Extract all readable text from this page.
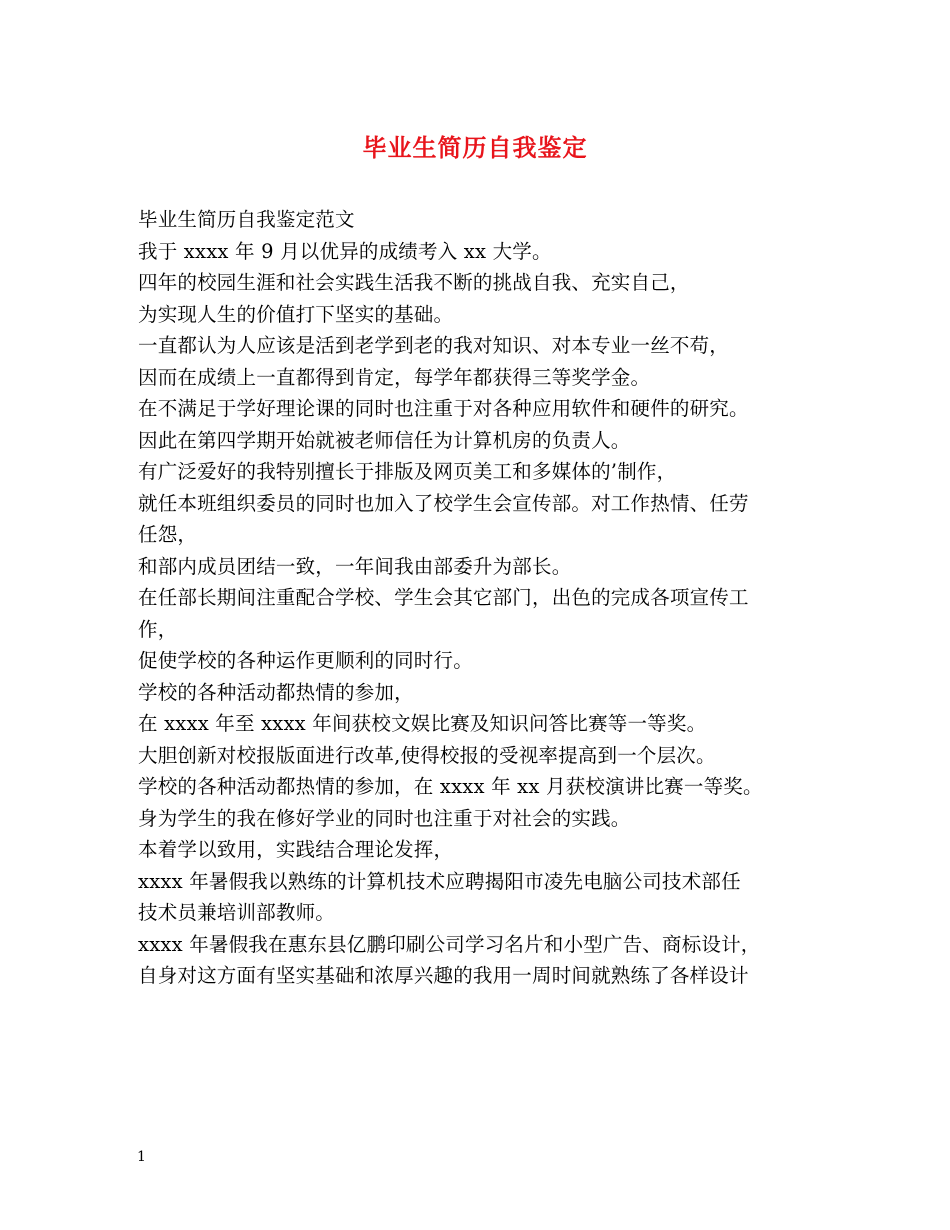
毕业生简历自我鉴定
毕业生简历自我鉴定范文
我于 xxxx 年 9 月以优异的成绩考入 xx 大学。
四年的校园生涯和社会实践生活我不断的挑战自我、充实自己，
为实现人生的价值打下坚实的基础。
一直都认为人应该是活到老学到老的我对知识、对本专业一丝不苟，
因而在成绩上一直都得到肯定，每学年都获得三等奖学金。
在不满足于学好理论课的同时也注重于对各种应用软件和硬件的研究。
因此在第四学期开始就被老师信任为计算机房的负责人。
有广泛爱好的我特别擅长于排版及网页美工和多媒体的’制作，
就任本班组织委员的同时也加入了校学生会宣传部。对工作热情、任劳
任怨，
和部内成员团结一致，一年间我由部委升为部长。
在任部长期间注重配合学校、学生会其它部门，出色的完成各项宣传工
作，
促使学校的各种运作更顺利的同时行。
学校的各种活动都热情的参加，
在 xxxx 年至 xxxx 年间获校文娱比赛及知识问答比赛等一等奖。
大胆创新对校报版面进行改革,使得校报的受视率提高到一个层次。
学校的各种活动都热情的参加，在 xxxx 年 xx 月获校演讲比赛一等奖。
身为学生的我在修好学业的同时也注重于对社会的实践。
本着学以致用，实践结合理论发挥，
xxxx 年暑假我以熟练的计算机技术应聘揭阳市凌先电脑公司技术部任
技术员兼培训部教师。
xxxx 年暑假我在惠东县亿鹏印刷公司学习名片和小型广告、商标设计，
自身对这方面有坚实基础和浓厚兴趣的我用一周时间就熟练了各样设计
1
